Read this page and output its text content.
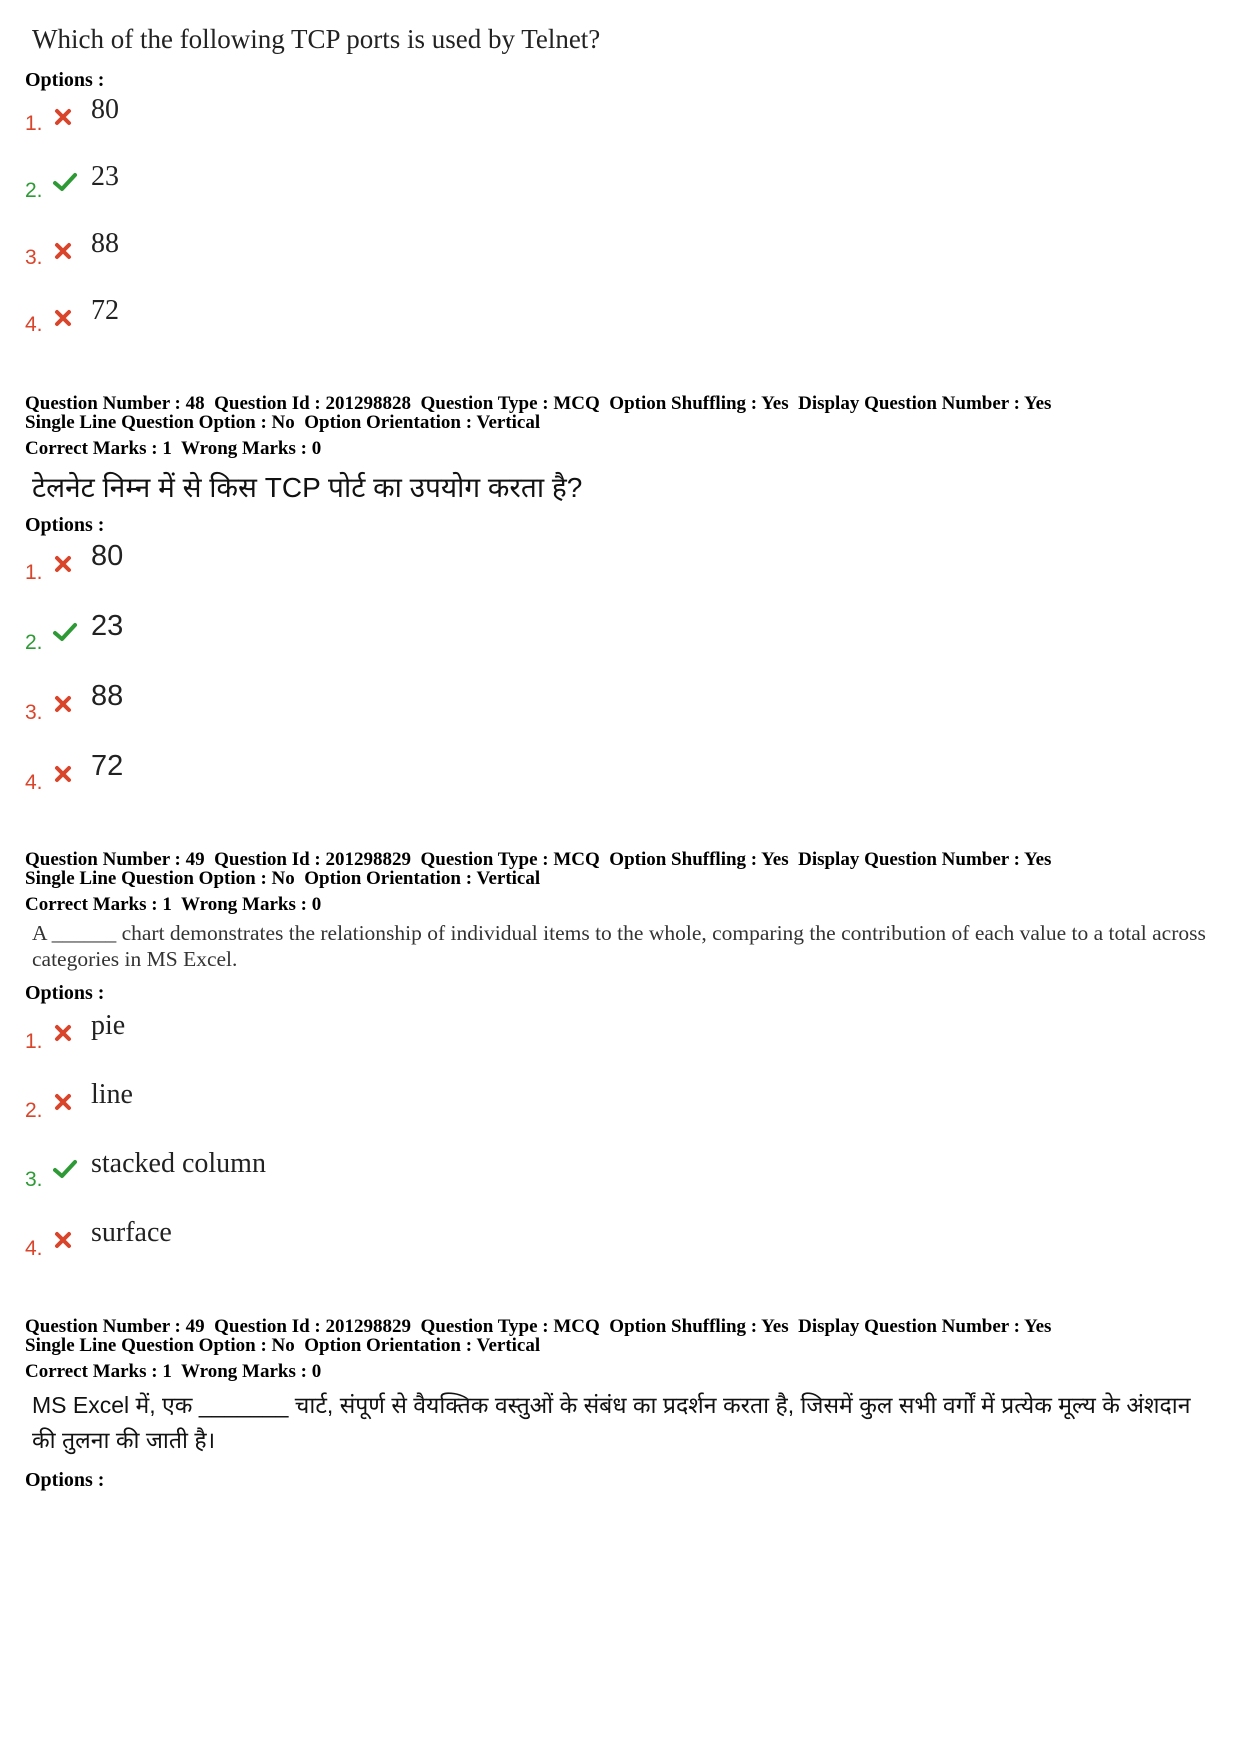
Which of the following TCP ports is used by Telnet?
Options :
1. 80
2. 23
3. 88
4. 72
Question Number : 48  Question Id : 201298828  Question Type : MCQ  Option Shuffling : Yes  Display Question Number : Yes
Single Line Question Option : No  Option Orientation : Vertical
Correct Marks : 1  Wrong Marks : 0
टेलनेट निम्न में से किस TCP पोर्ट का उपयोग करता है?
Options :
1.
80
2.
23
3.
88
4.
72
Question Number : 49  Question Id : 201298829  Question Type : MCQ  Option Shuffling : Yes  Display Question Number : Yes
Single Line Question Option : No  Option Orientation : Vertical
Correct Marks : 1  Wrong Marks : 0
A ______ chart demonstrates the relationship of individual items to the whole, comparing the contribution of each value to a total across categories in MS Excel.
Options :
1.
pie
2.
line
3.
stacked column
4.
surface
Question Number : 49  Question Id : 201298829  Question Type : MCQ  Option Shuffling : Yes  Display Question Number : Yes
Single Line Question Option : No  Option Orientation : Vertical
Correct Marks : 1  Wrong Marks : 0
MS Excel में, एक _______ चार्ट, संपूर्ण से वैयक्तिक वस्तुओं के संबंध का प्रदर्शन करता है, जिसमें कुल सभी वर्गों में प्रत्येक मूल्य के अंशदान की तुलना की जाती है।
Options :
